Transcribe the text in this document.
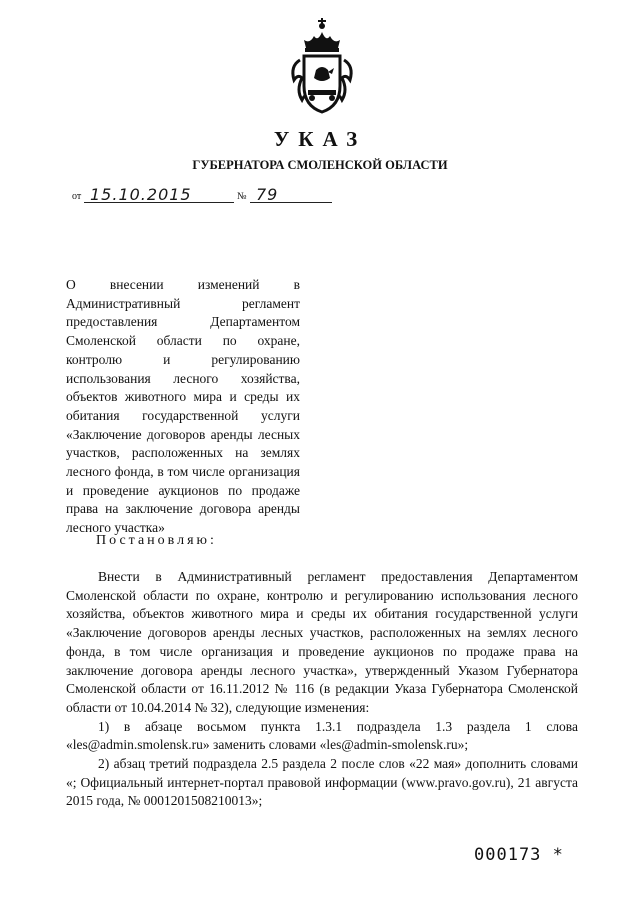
УКАЗ
ГУБЕРНАТОРА СМОЛЕНСКОЙ ОБЛАСТИ
от 15.10.2015	№ 79
О внесении изменений в Административный регламент предоставления Департаментом Смоленской области по охране, контролю и регулированию использования лесного хозяйства, объектов животного мира и среды их обитания государственной услуги «Заключение договоров аренды лесных участков, расположенных на землях лесного фонда, в том числе организация и проведение аукционов по продаже права на заключение договора аренды лесного участка»
Постановляю:

Внести в Административный регламент предоставления Департаментом Смоленской области по охране, контролю и регулированию использования лесного хозяйства, объектов животного мира и среды их обитания государственной услуги «Заключение договоров аренды лесных участков, расположенных на землях лесного фонда, в том числе организация и проведение аукционов по продаже права на заключение договора аренды лесного участка», утвержденный Указом Губернатора Смоленской области от 16.11.2012 № 116 (в редакции Указа Губернатора Смоленской области от 10.04.2014 № 32), следующие изменения:

1) в абзаце восьмом пункта 1.3.1 подраздела 1.3 раздела 1 слова «les@admin.smolensk.ru» заменить словами «les@admin-smolensk.ru»;

2) абзац третий подраздела 2.5 раздела 2 после слов «22 мая» дополнить словами «; Официальный интернет-портал правовой информации (www.pravo.gov.ru), 21 августа 2015 года, № 0001201508210013»;

000173 *
